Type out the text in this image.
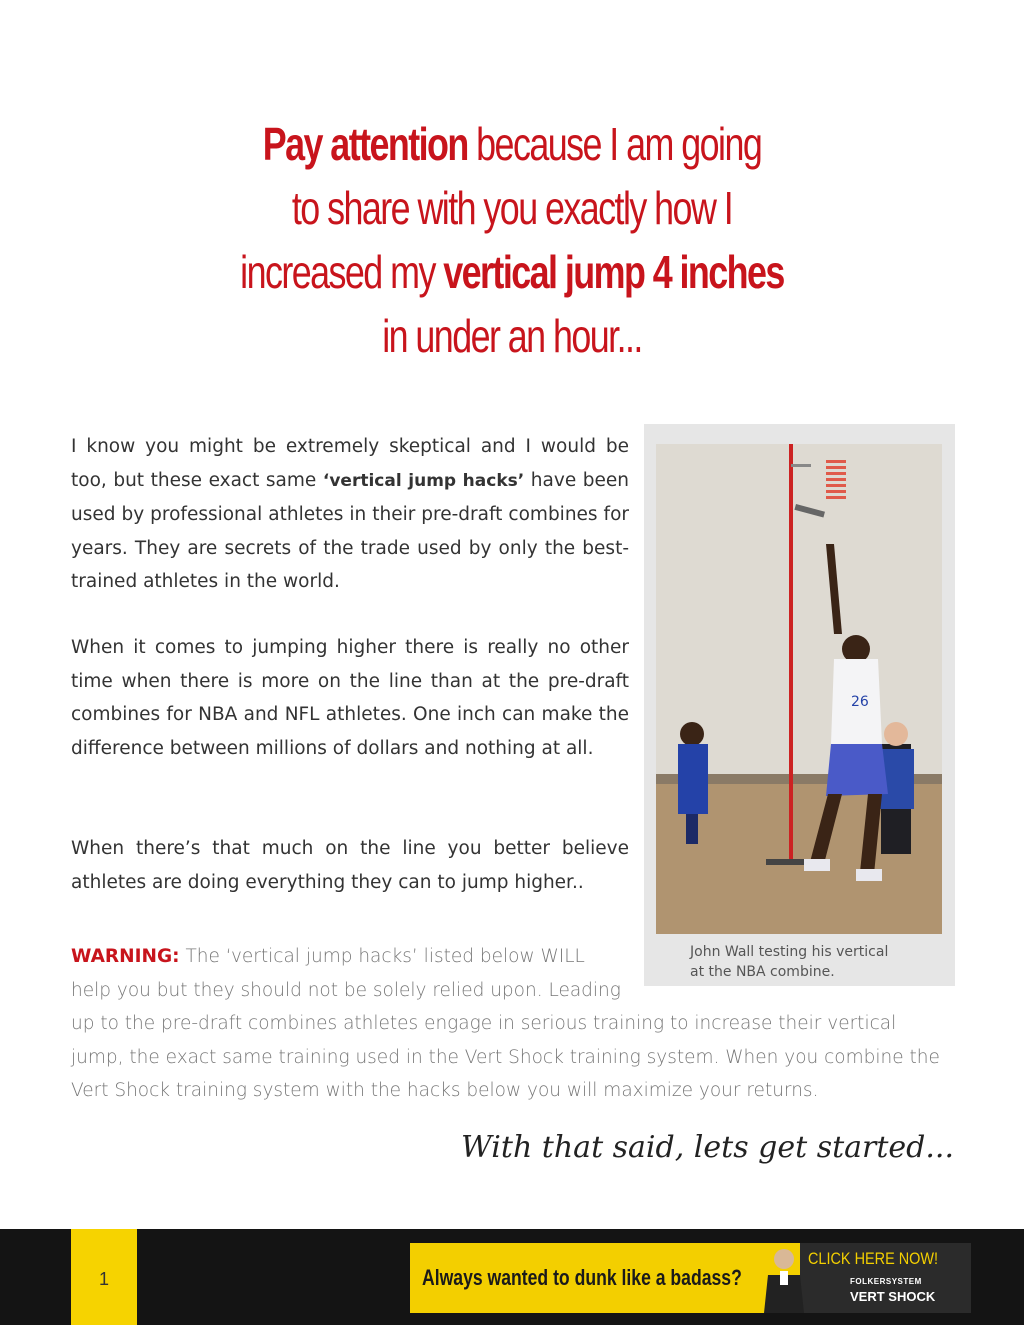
Pay attention because I am going
to share with you exactly how I
increased my vertical jump 4 inches
in under an hour...
I know you might be extremely skeptical and I would be too, but these exact same ‘vertical jump hacks’ have been used by professional athletes in their pre-draft combines for years. They are secrets of the trade used by only the best-trained athletes in the world.
When it comes to jumping higher there is really no other time when there is more on the line than at the pre-draft combines for NBA and NFL athletes. One inch can make the difference between millions of dollars and nothing at all.
When there’s that much on the line you better believe athletes are doing everything they can to jump higher..
26
John Wall testing his vertical
at the NBA combine.
WARNING: The ‘vertical jump hacks’ listed below WILL help you but they should not be solely relied upon. Leading up to the pre-draft combines athletes engage in serious training to increase their vertical jump, the exact same training used in the Vert Shock training system. When you combine the Vert Shock training system with the hacks below you will maximize your returns.
With that said, lets get started...
1	Always wanted to dunk like a badass?
CLICK HERE NOW!
FOLKERSYSTEM
VERT SHOCK
